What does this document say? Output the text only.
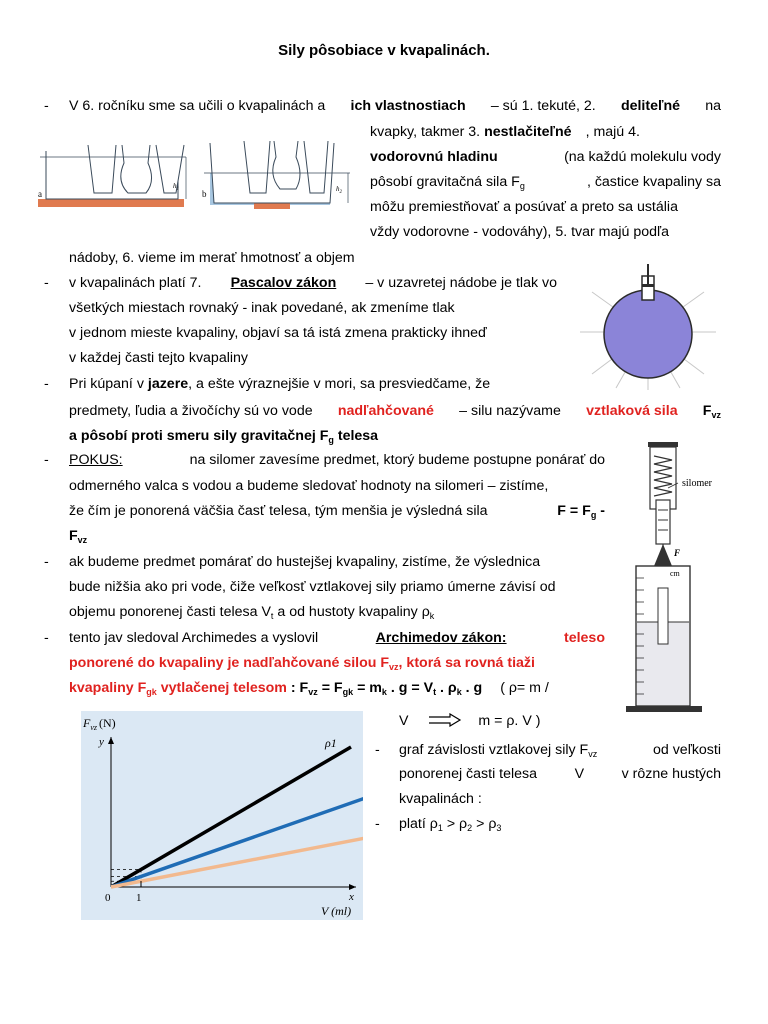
Sily pôsobiace v kvapalinách.
- V 6. ročníku sme sa učili o kvapalinách a ich vlastnostiach – sú 1. tekuté, 2. deliteľné na
kvapky, takmer 3. nestlačiteľné , majú 4.
vodorovnú hladinu	(na každú molekulu vody
pôsobí gravitačná sila $F_g$	, častice kvapaliny sa
môžu premiestňovať a posúvať a preto sa ustália
vždy vodorovne - vodováhy), 5. tvar majú podľa
nádoby, 6. vieme im merať hmotnosť a objem
a
$h_1$	b	$h_2$
- v kvapalinách platí 7. Pascalov zákon – v uzavretej nádobe je tlak vo
všetkých miestach rovnaký - inak povedané, ak zmeníme tlak
v jednom mieste kvapaliny, objaví sa tá istá zmena prakticky ihneď
v každej časti tejto kvapaliny
- Pri kúpaní v jazere, a ešte výraznejšie v mori, sa presviedčame, že
predmety, ľudia a živočíchy sú vo vode nadľahčované – silu nazývame vztlaková sila $F_{vz}$
a pôsobí proti smeru sily gravitačnej $F_g$ telesa
- POKUS:	na silomer zavesíme predmet, ktorý budeme postupne ponárať do
odmerného valca s vodou a budeme sledovať hodnoty na silomeri – zistíme,
že čím je ponorená väčšia časť telesa, tým menšia je výsledná sila	$F = F_g$ -
$F_{vz}$
- ak budeme predmet pomárať do hustejšej kvapaliny, zistíme, že výslednica
bude nižšia ako pri vode, čiže veľkosť vztlakovej sily priamo úmerne závisí od
objemu ponorenej časti telesa $V_t$ a od hustoty kvapaliny $\rho_k$
silomer
F
cm
- tento jav sledoval Archimedes a vyslovil	Archimedov zákon:	teleso
ponorené do kvapaliny je nadľahčované silou $F_{vz}$, ktorá sa rovná tiaži
kvapaliny $F_{gk}$ vytlačenej telesom : $F_{vz} = F_{gk} = m_k$ . $g = V_t$ . $\rho_k$ . g ( ρ= m /
V	m = ρ. V )
ρ1
$F_{vz}$ (N)
y
x
0 1
V (ml)
- graf závislosti vztlakovej sily $F_{vz}$	od veľkosti
ponorenej časti telesa	V	v rôzne hustých
kvapalinách :
- platí $\rho_1 > \rho_2 > \rho_3$
